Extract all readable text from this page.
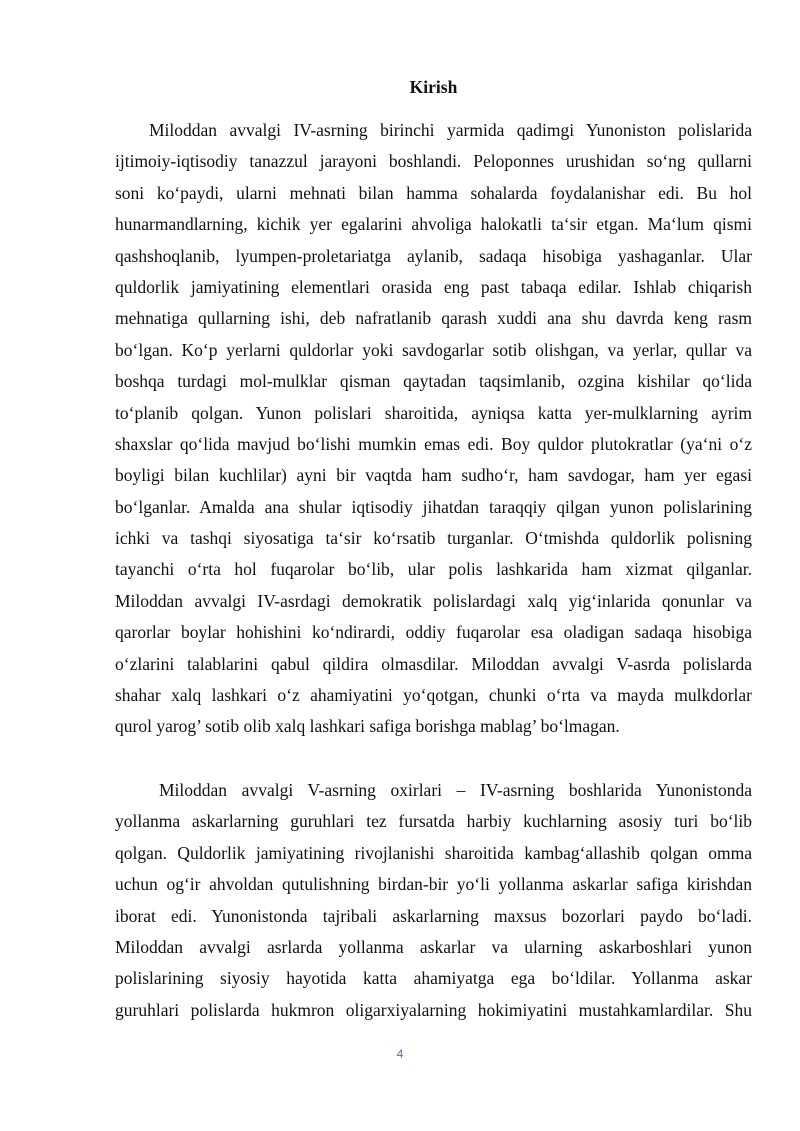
Kirish
Miloddan avvalgi IV-asrning birinchi yarmida qadimgi Yunoniston polislarida
ijtimoiy-iqtisodiy tanazzul jarayoni boshlandi. Peloponnes urushidan so‘ng qullarni
soni ko‘paydi, ularni mehnati bilan hamma sohalarda foydalanishar edi. Bu hol
hunarmandlarning, kichik yer egalarini ahvoliga halokatli ta‘sir etgan. Ma‘lum qismi
qashshoqlanib, lyumpen-proletariatga aylanib, sadaqa hisobiga yashaganlar. Ular
quldorlik jamiyatining elementlari orasida eng past tabaqa edilar. Ishlab chiqarish
mehnatiga qullarning ishi, deb nafratlanib qarash xuddi ana shu davrda keng rasm
bo‘lgan. Ko‘p yerlarni quldorlar yoki savdogarlar sotib olishgan, va yerlar, qullar va
boshqa turdagi mol-mulklar qisman qaytadan taqsimlanib, ozgina kishilar qo‘lida
to‘planib qolgan. Yunon polislari sharoitida, ayniqsa katta yer-mulklarning ayrim
shaxslar qo‘lida mavjud bo‘lishi mumkin emas edi. Boy quldor plutokratlar (ya‘ni o‘z
boyligi bilan kuchlilar) ayni bir vaqtda ham sudho‘r, ham savdogar, ham yer egasi
bo‘lganlar. Amalda ana shular iqtisodiy jihatdan taraqqiy qilgan yunon polislarining
ichki va tashqi siyosatiga ta‘sir ko‘rsatib turganlar. O‘tmishda quldorlik polisning
tayanchi o‘rta hol fuqarolar bo‘lib, ular polis lashkarida ham xizmat qilganlar.
Miloddan avvalgi IV-asrdagi demokratik polislardagi xalq yig‘inlarida qonunlar va
qarorlar boylar hohishini ko‘ndirardi, oddiy fuqarolar esa oladigan sadaqa hisobiga
o‘zlarini talablarini qabul qildira olmasdilar. Miloddan avvalgi V-asrda polislarda
shahar xalq lashkari o‘z ahamiyatini yo‘qotgan, chunki o‘rta va mayda mulkdorlar
qurol yarog’ sotib olib xalq lashkari safiga borishga mablag’ bo‘lmagan.
Miloddan avvalgi V-asrning oxirlari – IV-asrning boshlarida Yunonistonda
yollanma askarlarning guruhlari tez fursatda harbiy kuchlarning asosiy turi bo‘lib
qolgan. Quldorlik jamiyatining rivojlanishi sharoitida kambag‘allashib qolgan omma
uchun og‘ir ahvoldan qutulishning birdan-bir yo‘li yollanma askarlar safiga kirishdan
iborat edi. Yunonistonda tajribali askarlarning maxsus bozorlari paydo bo‘ladi.
Miloddan avvalgi asrlarda yollanma askarlar va ularning askarboshlari yunon
polislarining siyosiy hayotida katta ahamiyatga ega bo‘ldilar. Yollanma askar
guruhlari polislarda hukmron oligarxiyalarning hokimiyatini mustahkamlardilar. Shu
4
